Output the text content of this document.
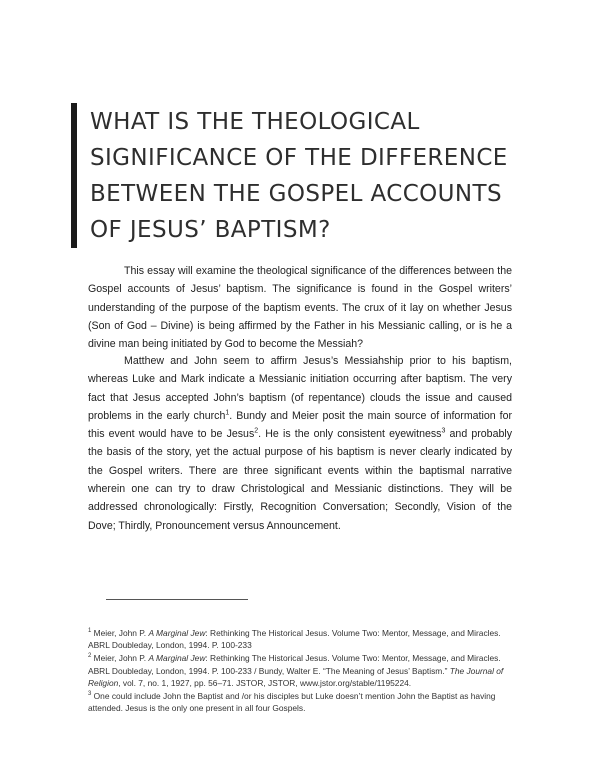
WHAT IS THE THEOLOGICAL
SIGNIFICANCE OF THE DIFFERENCE
BETWEEN THE GOSPEL ACCOUNTS
OF JESUS’ BAPTISM?

This essay will examine the theological significance of the differences between the Gospel accounts of Jesus’ baptism. The significance is found in the Gospel writers’ understanding of the purpose of the baptism events. The crux of it lay on whether Jesus (Son of God – Divine) is being affirmed by the Father in his Messianic calling, or is he a divine man being initiated by God to become the Messiah?

Matthew and John seem to affirm Jesus’s Messiahship prior to his baptism, whereas Luke and Mark indicate a Messianic initiation occurring after baptism. The very fact that Jesus accepted John’s baptism (of repentance) clouds the issue and caused problems in the early church$^1$. Bundy and Meier posit the main source of information for this event would have to be Jesus$^2$. He is the only consistent eyewitness$^3$ and probably the basis of the story, yet the actual purpose of his baptism is never clearly indicated by the Gospel writers. There are three significant events within the baptismal narrative wherein one can try to draw Christological and Messianic distinctions. They will be addressed chronologically: Firstly, Recognition Conversation; Secondly, Vision of the Dove; Thirdly, Pronouncement versus Announcement.

$^1$ Meier, John P. A Marginal Jew: Rethinking The Historical Jesus. Volume Two: Mentor, Message, and Miracles. ABRL Doubleday, London, 1994. P. 100-233

$^2$ Meier, John P. A Marginal Jew: Rethinking The Historical Jesus. Volume Two: Mentor, Message, and Miracles. ABRL Doubleday, London, 1994. P. 100-233 / Bundy, Walter E. “The Meaning of Jesus’ Baptism.” The Journal of Religion, vol. 7, no. 1, 1927, pp. 56–71. JSTOR, JSTOR, www.jstor.org/stable/1195224.

$^3$ One could include John the Baptist and /or his disciples but Luke doesn’t mention John the Baptist as having attended. Jesus is the only one present in all four Gospels.
